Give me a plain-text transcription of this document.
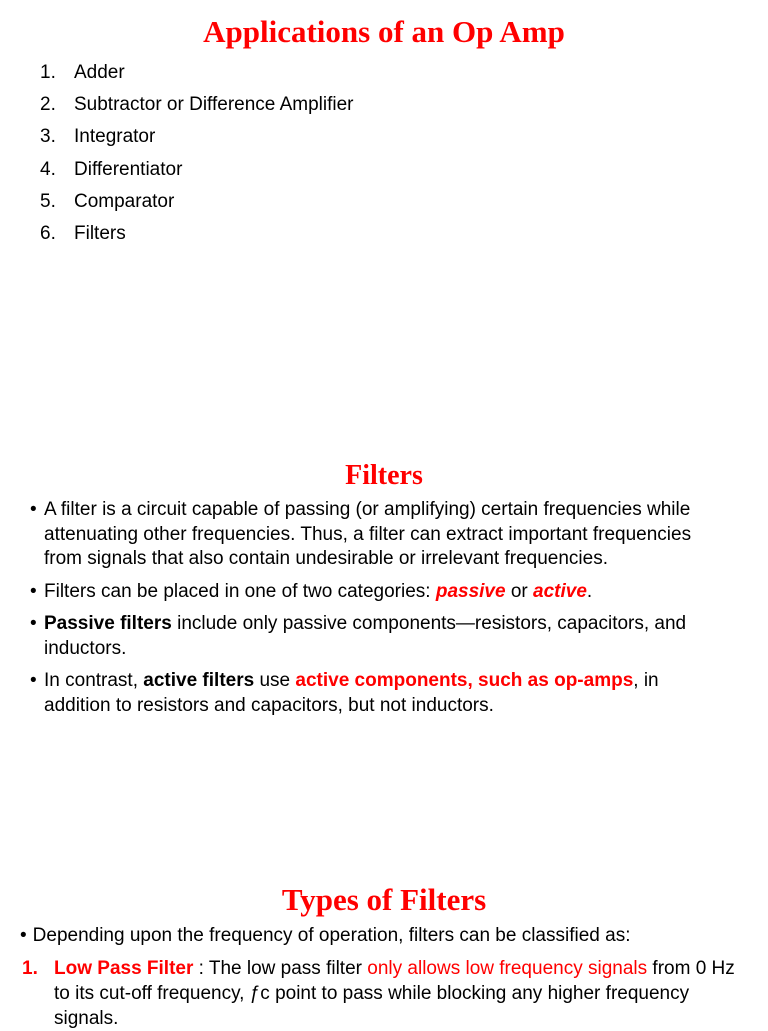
Applications of an Op Amp
1. Adder
2. Subtractor or Difference Amplifier
3. Integrator
4. Differentiator
5. Comparator
6. Filters
Filters
• A filter is a circuit capable of passing (or amplifying) certain frequencies while attenuating other frequencies. Thus, a filter can extract important frequencies from signals that also contain undesirable or irrelevant frequencies.
• Filters can be placed in one of two categories: passive or active.
• Passive filters include only passive components—resistors, capacitors, and inductors.
• In contrast, active filters use active components, such as op-amps, in addition to resistors and capacitors, but not inductors.
Types of Filters

• Depending upon the frequency of operation, filters can be classified as:

1. Low Pass Filter : The low pass filter only allows low frequency signals from 0 Hz to its cut-off frequency, ƒc point to pass while blocking any higher frequency signals.
